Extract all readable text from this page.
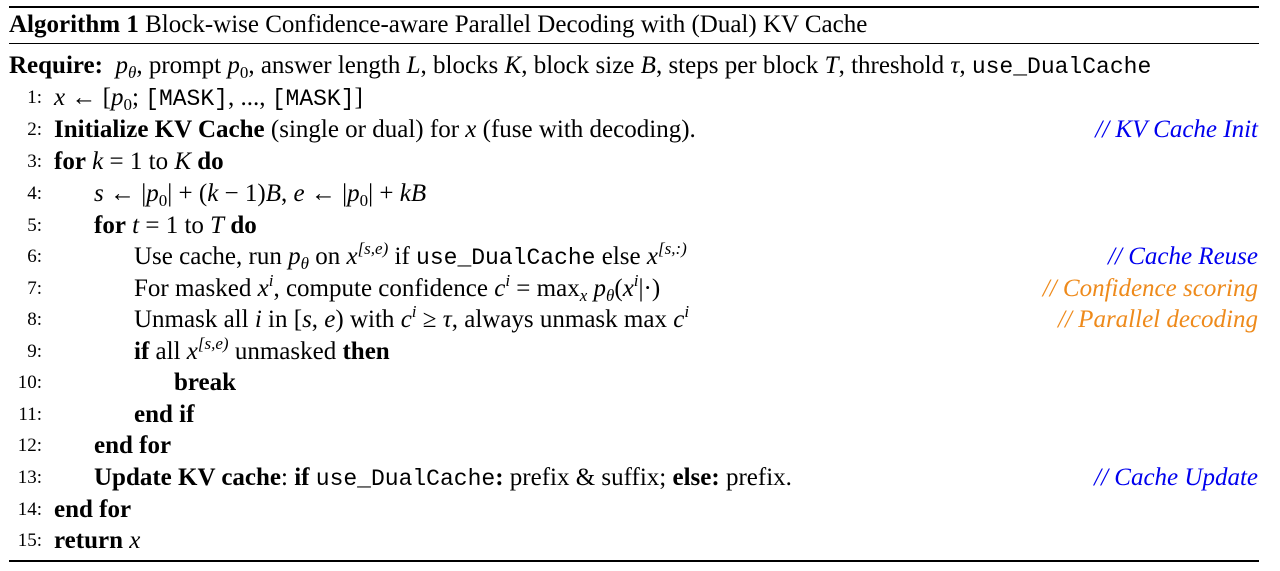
Algorithm 1 Block-wise Confidence-aware Parallel Decoding with (Dual) KV Cache
Require: $p_\theta$, prompt $p_0$, answer length L, blocks K, block size B, steps per block T, threshold τ, use_DualCache
1: x ← [$p_0$; [MASK], ..., [MASK]]
2: Initialize KV Cache (single or dual) for x (fuse with decoding).	// KV Cache Init
3: for k = 1 to K do
4: s ← $|p_0| + (k - 1)B$, e ← $|p_0|$ + kB
5: for t = 1 to T do
6:	Use cache, run $p_\theta$ on $x^{[s,e)}$ if use_DualCache else $x^{[s,:)}$	// Cache Reuse
7:	For masked $x^i$, compute confidence $c^i = \max_x p_\theta(x^i|\cdot)$	// Confidence scoring
8:	Unmask all i in [s, e) with $c^i \ge \tau$, always unmask $\max c^i$	// Parallel decoding
9:	if all $x^{[s,e)}$ unmasked then
10:	break
11:	end if
12: end for
13: Update KV cache: if use_DualCache: prefix & suffix; else: prefix.	// Cache Update
14: end for
15: return x
